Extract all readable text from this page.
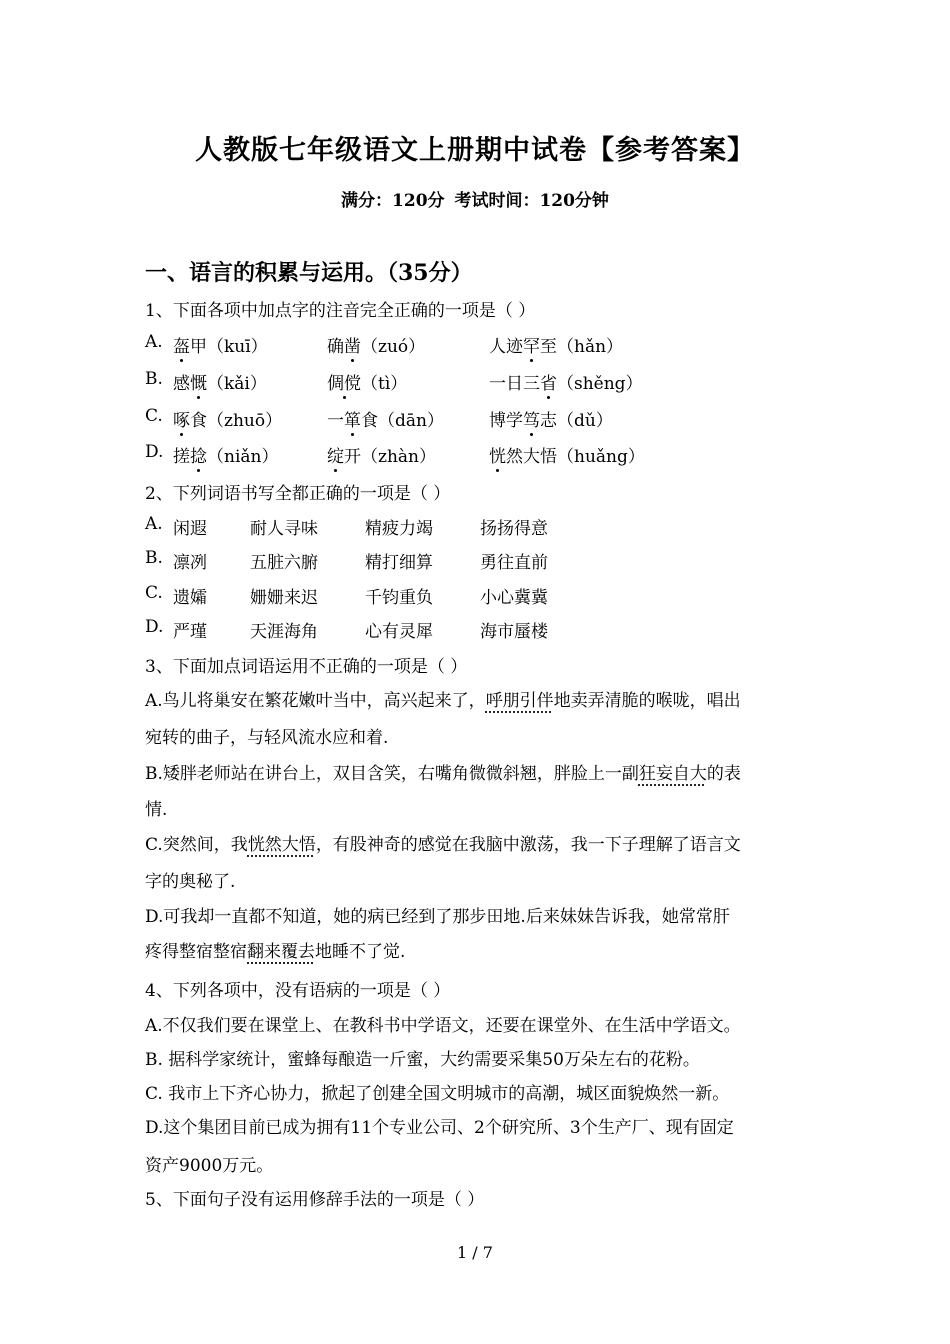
人教版七年级语文上册期中试卷【参考答案】
满分：120分 考试时间：120分钟
一、语言的积累与运用。（35分）
1、下面各项中加点字的注音完全正确的一项是（ ）
A. 盔甲（kuī）	确凿（zuó）	人迹罕至（hǎn）
B. 感慨（kǎi）	倜傥（tì）	一日三省（shěng）
C. 啄食（zhuō）	一箪食（dān）	博学笃志（dǔ）
D. 搓捻（niǎn）	绽开（zhàn）	恍然大悟（huǎng）
2、下列词语书写全都正确的一项是（ ）
A. 闲遐	耐人寻味	精疲力竭	扬扬得意
B. 凛冽	五脏六腑	精打细算	勇往直前
C. 遗孀	姗姗来迟	千钧重负	小心冀冀
D. 严瑾	天涯海角	心有灵犀	海市蜃楼
3、下面加点词语运用不正确的一项是（ ）
A.鸟儿将巢安在繁花嫩叶当中，高兴起来了，呼朋引伴地卖弄清脆的喉咙，唱出
宛转的曲子，与轻风流水应和着.
B.矮胖老师站在讲台上，双目含笑，右嘴角微微斜翘，胖脸上一副狂妄自大的表
情.
C.突然间，我恍然大悟，有股神奇的感觉在我脑中激荡，我一下子理解了语言文
字的奥秘了.
D.可我却一直都不知道，她的病已经到了那步田地.后来妹妹告诉我，她常常肝
疼得整宿整宿翻来覆去地睡不了觉.
4、下列各项中，没有语病的一项是（ ）
A.不仅我们要在课堂上、在教科书中学语文，还要在课堂外、在生活中学语文。
B. 据科学家统计，蜜蜂每酿造一斤蜜，大约需要采集50万朵左右的花粉。
C. 我市上下齐心协力，掀起了创建全国文明城市的高潮，城区面貌焕然一新。
D.这个集团目前已成为拥有11个专业公司、2个研究所、3个生产厂、现有固定
资产9000万元。
5、下面句子没有运用修辞手法的一项是（ ）
1 / 7
